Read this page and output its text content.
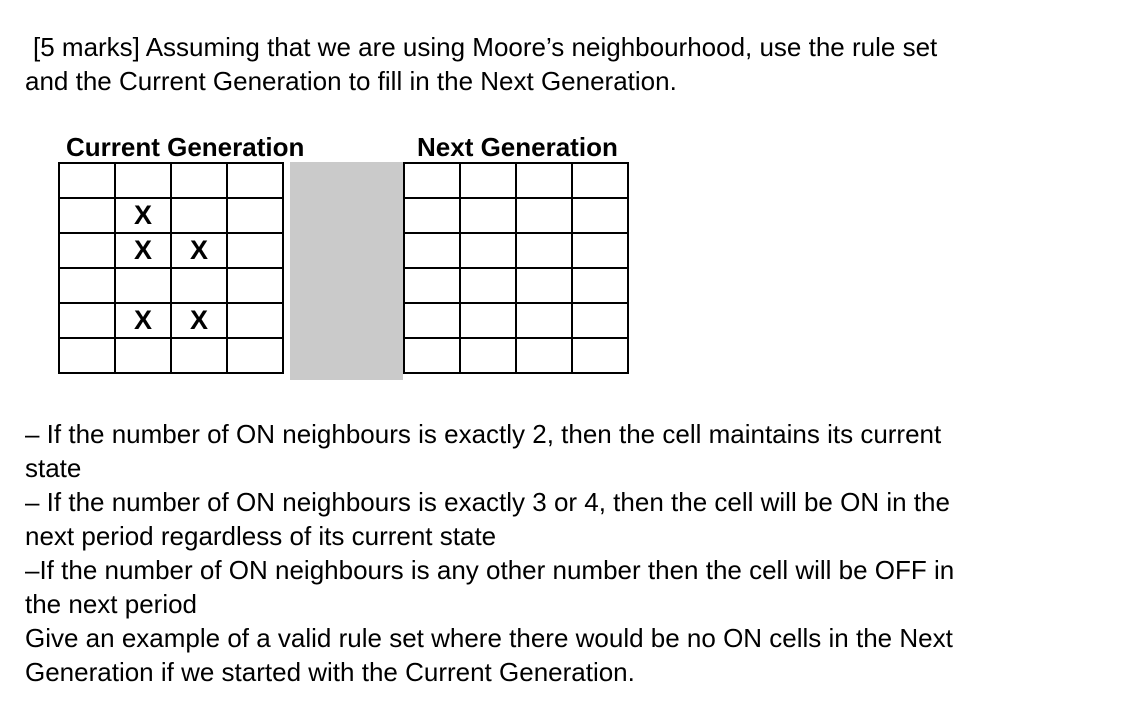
[5 marks] Assuming that we are using Moore’s neighbourhood, use the rule set
and the Current Generation to fill in the Next Generation.

Current Generation	Next Generation

	X		
	X	X	

	X	X	

– If the number of ON neighbours is exactly 2, then the cell maintains its current
state
– If the number of ON neighbours is exactly 3 or 4, then the cell will be ON in the
next period regardless of its current state
–If the number of ON neighbours is any other number then the cell will be OFF in
the next period
Give an example of a valid rule set where there would be no ON cells in the Next
Generation if we started with the Current Generation.
